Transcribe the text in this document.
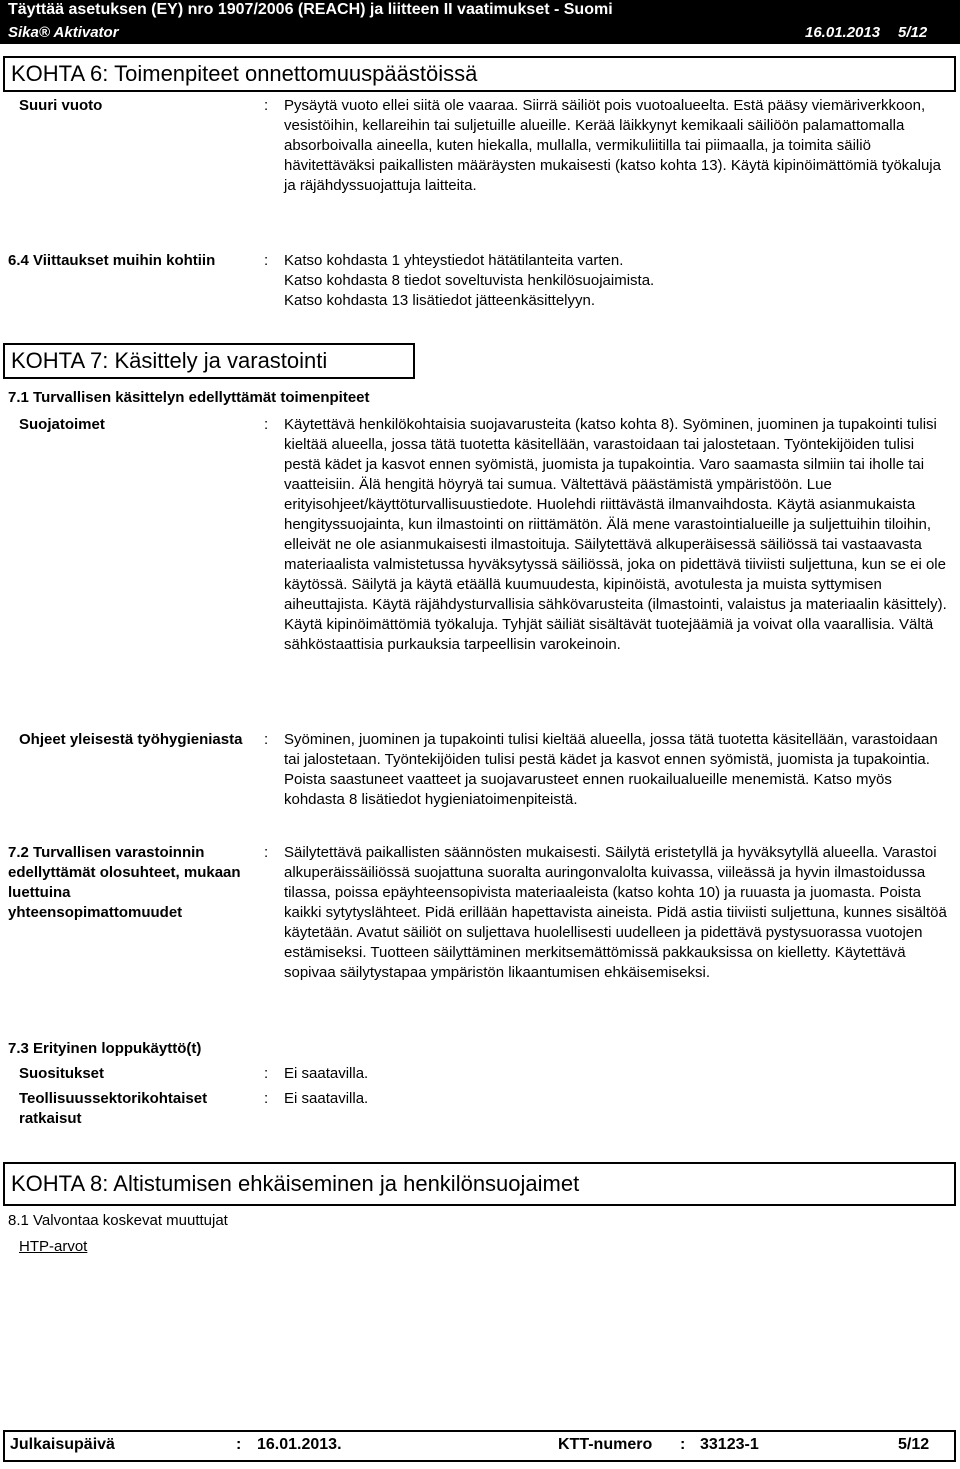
Täyttää asetuksen (EY) nro 1907/2006 (REACH) ja liitteen II vaatimukset - Suomi
Sika® Aktivator	16.01.2013 5/12
KOHTA 6: Toimenpiteet onnettomuuspäästöissä
Suuri vuoto	: Pysäytä vuoto ellei siitä ole vaaraa. Siirrä säiliöt pois vuotoalueelta. Estä pääsy viemäriverkkoon, vesistöihin, kellareihin tai suljetuille alueille. Kerää läikkynyt kemikaali säiliöön palamattomalla absorboivalla aineella, kuten hiekalla, mullalla, vermikuliitilla tai piimaalla, ja toimita säiliö hävitettäväksi paikallisten määräysten mukaisesti (katso kohta 13). Käytä kipinöimättömiä työkaluja ja räjähdyssuojattuja laitteita.

6.4 Viittaukset muihin kohtiin	: Katso kohdasta 1 yhteystiedot hätätilanteita varten.

Katso kohdasta 8 tiedot soveltuvista henkilösuojaimista.

Katso kohdasta 13 lisätiedot jätteenkäsittelyyn.

KOHTA 7: Käsittely ja varastointi
7.1 Turvallisen käsittelyn edellyttämät toimenpiteet
Suojatoimet	: Käytettävä henkilökohtaisia suojavarusteita (katso kohta 8). Syöminen, juominen ja tupakointi tulisi kieltää alueella, jossa tätä tuotetta käsitellään, varastoidaan tai jalostetaan. Työntekijöiden tulisi pestä kädet ja kasvot ennen syömistä, juomista ja tupakointia. Varo saamasta silmiin tai iholle tai vaatteisiin. Älä hengitä höyryä tai sumua. Vältettävä päästämistä ympäristöön. Lue erityisohjeet/käyttöturvallisuustiedote. Huolehdi riittävästä ilmanvaihdosta. Käytä asianmukaista hengityssuojainta, kun ilmastointi on riittämätön. Älä mene varastointialueille ja suljettuihin tiloihin, elleivät ne ole asianmukaisesti ilmastoituja. Säilytettävä alkuperäisessä säiliössä tai vastaavasta materiaalista valmistetussa hyväksytyssä säiliössä, joka on pidettävä tiiviisti suljettuna, kun se ei ole käytössä. Säilytä ja käytä etäällä kuumuudesta, kipinöistä, avotulesta ja muista syttymisen aiheuttajista. Käytä räjähdysturvallisia sähkövarusteita (ilmastointi, valaistus ja materiaalin käsittely). Käytä kipinöimättömiä työkaluja. Tyhjät säiliät sisältävät tuotejäämiä ja voivat olla vaarallisia. Vältä sähköstaattisia purkauksia tarpeellisin varokeinoin.

Ohjeet yleisestä työhygieniasta	: Syöminen, juominen ja tupakointi tulisi kieltää alueella, jossa tätä tuotetta käsitellään, varastoidaan tai jalostetaan. Työntekijöiden tulisi pestä kädet ja kasvot ennen syömistä, juomista ja tupakointia. Poista saastuneet vaatteet ja suojavarusteet ennen ruokailualueille menemistä. Katso myös kohdasta 8 lisätiedot hygieniatoimenpiteistä.

7.2 Turvallisen varastoinnin edellyttämät olosuhteet, mukaan luettuina yhteensopimattomuudet
: Säilytettävä paikallisten säännösten mukaisesti. Säilytä eristetyllä ja hyväksytyllä alueella. Varastoi alkuperäissäiliössä suojattuna suoralta auringonvalolta kuivassa, viileässä ja hyvin ilmastoidussa tilassa, poissa epäyhteensopivista materiaaleista (katso kohta 10) ja ruuasta ja juomasta. Poista kaikki sytytyslähteet. Pidä erillään hapettavista aineista. Pidä astia tiiviisti suljettuna, kunnes sisältöä käytetään. Avatut säiliöt on suljettava huolellisesti uudelleen ja pidettävä pystysuorassa vuotojen estämiseksi. Tuotteen säilyttäminen merkitsemättömissä pakkauksissa on kielletty. Käytettävä sopivaa säilytystapaa ympäristön likaantumisen ehkäisemiseksi.

7.3 Erityinen loppukäyttö(t)
Suositukset	: Ei saatavilla.
Teollisuussektorikohtaiset ratkaisut
: Ei saatavilla.
KOHTA 8: Altistumisen ehkäiseminen ja henkilönsuojaimet
8.1 Valvontaa koskevat muuttujat
HTP-arvot
Julkaisupäivä	: 16.01.2013.	KTT-numero : 33123-1	5/12
